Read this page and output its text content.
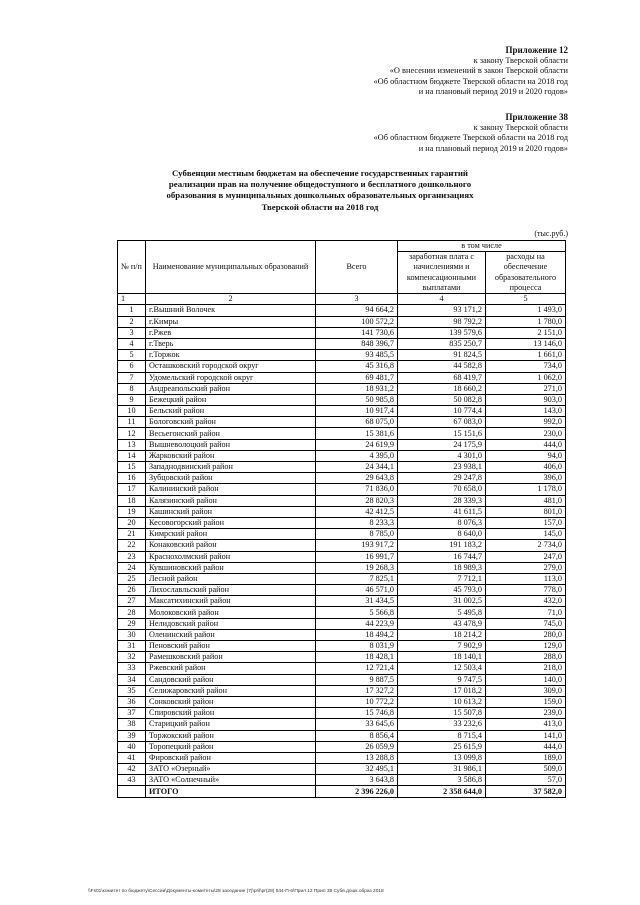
Приложение 12
к закону Тверской области
«О внесении изменений в закон Тверской области
«Об областном бюджете Тверской области на 2018 год
и на плановый период 2019 и 2020 годов»
Приложение 38
к закону Тверской области
«Об областном бюджете Тверской области на 2018 год
и на плановый период 2019 и 2020 годов»
Субвенции местным бюджетам на обеспечение государственных гарантий
реализации прав на получение общедоступного и бесплатного дошкольного
образования в муниципальных дошкольных образовательных организациях
Тверской области на 2018 год
(тыс.руб.)
№ п/п	Наименование муниципальных образований	Всего	в том числе	
			заработная плата с начислениями и компенсационными выплатами	расходы на обеспечение образовательного процесса
1	2	3	4	5
1	г.Вышний Волочек	94 664,2	93 171,2	1 493,0
2	г.Кимры	100 572,2	98 792,2	1 780,0
3	г.Ржев	141 730,6	139 579,6	2 151,0
4	г.Тверь	848 396,7	835 250,7	13 146,0
5	г.Торжок	93 485,5	91 824,5	1 661,0
6	Осташковский городской округ	45 316,8	44 582,8	734,0
7	Удомельский городской округ	69 481,7	68 419,7	1 062,0
8	Андреапольский район	18 931,2	18 660,2	271,0
9	Бежецкий район	50 985,8	50 082,8	903,0
10	Бельский район	10 917,4	10 774,4	143,0
11	Бологовский район	68 075,0	67 083,0	992,0
12	Весьегонский район	15 381,6	15 151,6	230,0
13	Вышневолоцкий район	24 619,9	24 175,9	444,0
14	Жарковский район	4 395,0	4 301,0	94,0
15	Западнодвинский район	24 344,1	23 938,1	406,0
16	Зубцовский район	29 643,8	29 247,8	396,0
17	Калининский район	71 836,0	70 658,0	1 178,0
18	Калязинский район	28 820,3	28 339,3	481,0
19	Кашинский район	42 412,5	41 611,5	801,0
20	Кесовогорский район	8 233,3	8 076,3	157,0
21	Кимрский район	8 785,0	8 640,0	145,0
22	Конаковский район	193 917,2	191 183,2	2 734,0
23	Краснохолмский район	16 991,7	16 744,7	247,0
24	Кувшиновский район	19 268,3	18 989,3	279,0
25	Лесной район	7 825,1	7 712,1	113,0
26	Лихославльский район	46 571,0	45 793,0	778,0
27	Максатихинский район	31 434,5	31 002,5	432,0
28	Молоковский район	5 566,8	5 495,8	71,0
29	Нелидовский район	44 223,9	43 478,9	745,0
30	Оленинский район	18 494,2	18 214,2	280,0
31	Пеновский район	8 031,9	7 902,9	129,0
32	Рамешковский район	18 428,1	18 140,1	288,0
33	Ржевский район	12 721,4	12 503,4	218,0
34	Сандовский район	9 887,5	9 747,5	140,0
35	Селижаровский район	17 327,2	17 018,2	309,0
36	Сонковский район	10 772,2	10 613,2	159,0
37	Спировский район	15 746,8	15 507,8	239,0
38	Старицкий район	33 645,6	33 232,6	413,0
39	Торжокский район	8 856,4	8 715,4	141,0
40	Торопецкий район	26 059,9	25 615,9	444,0
41	Фировский район	13 288,8	13 099,8	189,0
42	ЗАТО «Озерный»	32 495,1	31 986,1	509,0
43	ЗАТО «Солнечный»	3 643,8	3 586,8	57,0
	ИТОГО	2 396 226,0	2 358 644,0	37 582,0
\\Fs01\комитет по бюджету\Сессии\Документы-комитеты\28 заседание (7)\pril\pr(28) 544-П-6\Прил 12 Прил 38 Субв.дошк.образ 2018
